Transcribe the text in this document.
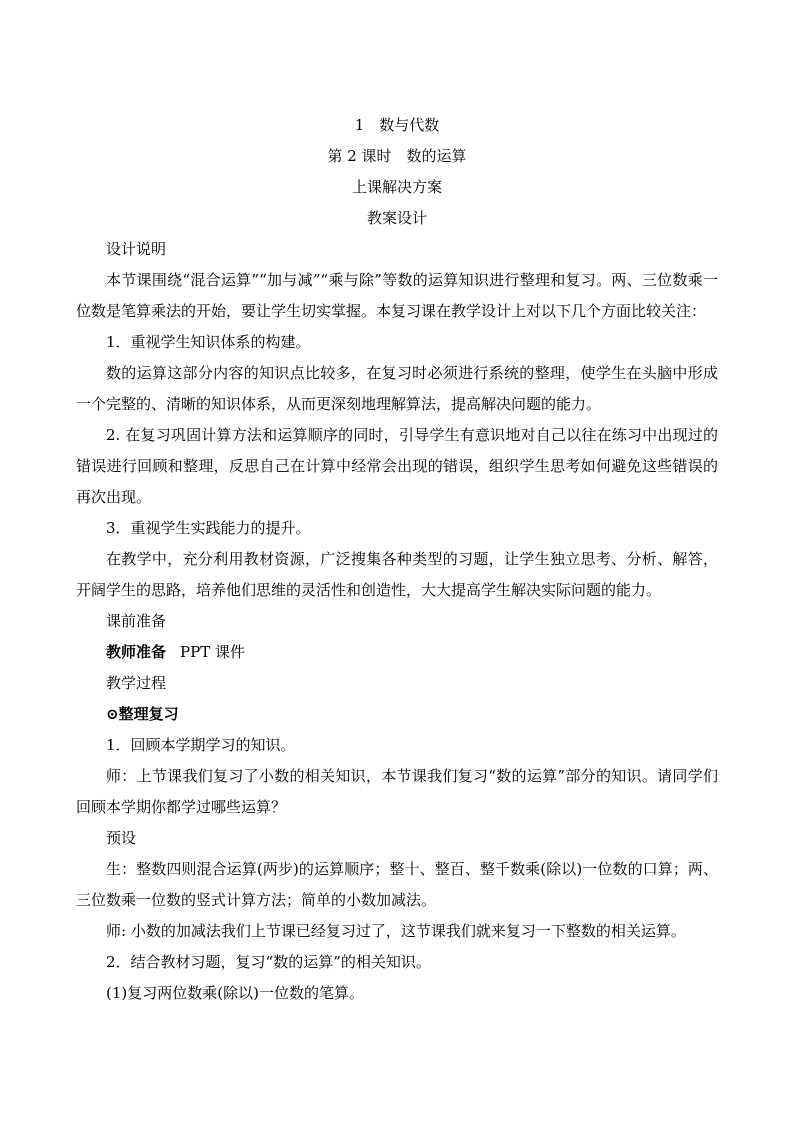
1　数与代数
第 2 课时　数的运算
上课解决方案
教案设计

设计说明

本节课围绕“混合运算”“加与减”“乘与除”等数的运算知识进行整理和复习。两、三位数乘一位数是笔算乘法的开始，要让学生切实掌握。本复习课在教学设计上对以下几个方面比较关注：

1．重视学生知识体系的构建。

数的运算这部分内容的知识点比较多，在复习时必须进行系统的整理，使学生在头脑中形成一个完整的、清晰的知识体系，从而更深刻地理解算法，提高解决问题的能力。

2. 在复习巩固计算方法和运算顺序的同时，引导学生有意识地对自己以往在练习中出现过的错误进行回顾和整理，反思自己在计算中经常会出现的错误，组织学生思考如何避免这些错误的再次出现。

3．重视学生实践能力的提升。

在教学中，充分利用教材资源，广泛搜集各种类型的习题，让学生独立思考、分析、解答，开阔学生的思路，培养他们思维的灵活性和创造性，大大提高学生解决实际问题的能力。

课前准备

教师准备 PPT 课件

教学过程

⊙整理复习

1．回顾本学期学习的知识。

师：上节课我们复习了小数的相关知识，本节课我们复习“数的运算”部分的知识。请同学们回顾本学期你都学过哪些运算？

预设

生：整数四则混合运算(两步)的运算顺序；整十、整百、整千数乘(除以)一位数的口算；两、三位数乘一位数的竖式计算方法；简单的小数加减法。

师: 小数的加减法我们上节课已经复习过了，这节课我们就来复习一下整数的相关运算。

2．结合教材习题，复习“数的运算”的相关知识。

(1)复习两位数乘(除以)一位数的笔算。
